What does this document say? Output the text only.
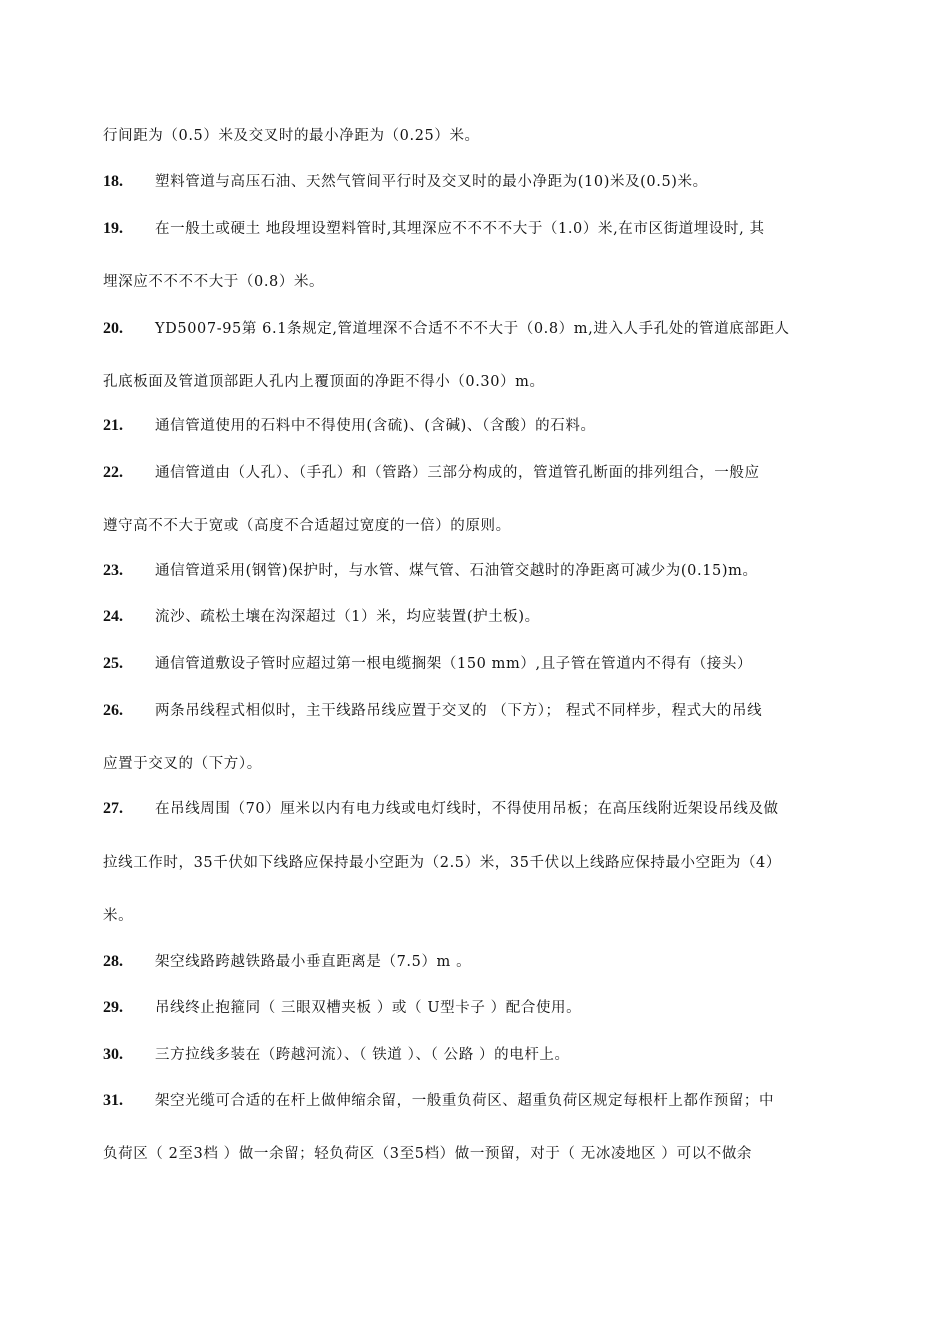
行间距为（0.5）米及交叉时的最小净距为（0.25）米。
18. 塑料管道与高压石油、天然气管间平行时及交叉时的最小净距为(10)米及(0.5)米。
19. 在一般土或硬土 地段埋设塑料管时,其埋深应不不不不大于（1.0）米,在市区街道埋设时, 其
埋深应不不不不大于（0.8）米。
20. YD5007-95第 6.1条规定,管道埋深不合适不不不大于（0.8）m,进入人手孔处的管道底部距人
孔底板面及管道顶部距人孔内上覆顶面的净距不得小（0.30）m。
21. 通信管道使用的石料中不得使用(含硫)、(含碱)、（含酸）的石料。
22. 通信管道由（人孔）、（手孔）和（管路）三部分构成的，管道管孔断面的排列组合，一般应
遵守高不不大于宽或（高度不合适超过宽度的一倍）的原则。
23. 通信管道采用(钢管)保护时，与水管、煤气管、石油管交越时的净距离可减少为(0.15)m。
24. 流沙、疏松土壤在沟深超过（1）米，均应装置(护土板)。
25. 通信管道敷设子管时应超过第一根电缆搁架（150 mm）,且子管在管道内不得有（接头）
26. 两条吊线程式相似时，主干线路吊线应置于交叉的 （下方）； 程式不同样步，程式大的吊线
应置于交叉的（下方）。
27. 在吊线周围（70）厘米以内有电力线或电灯线时，不得使用吊板；在高压线附近架设吊线及做
拉线工作时，35千伏如下线路应保持最小空距为（2.5）米，35千伏以上线路应保持最小空距为（4）
米。
28. 架空线路跨越铁路最小垂直距离是（7.5）m 。
29. 吊线终止抱箍同（ 三眼双槽夹板 ）或（ U型卡子 ）配合使用。
30. 三方拉线多装在（跨越河流）、（ 铁道 ）、（ 公路 ）的电杆上。
31. 架空光缆可合适的在杆上做伸缩余留，一般重负荷区、超重负荷区规定每根杆上都作预留；中
负荷区（ 2至3档 ）做一余留；轻负荷区（3至5档）做一预留，对于（ 无冰凌地区 ）可以不做余
